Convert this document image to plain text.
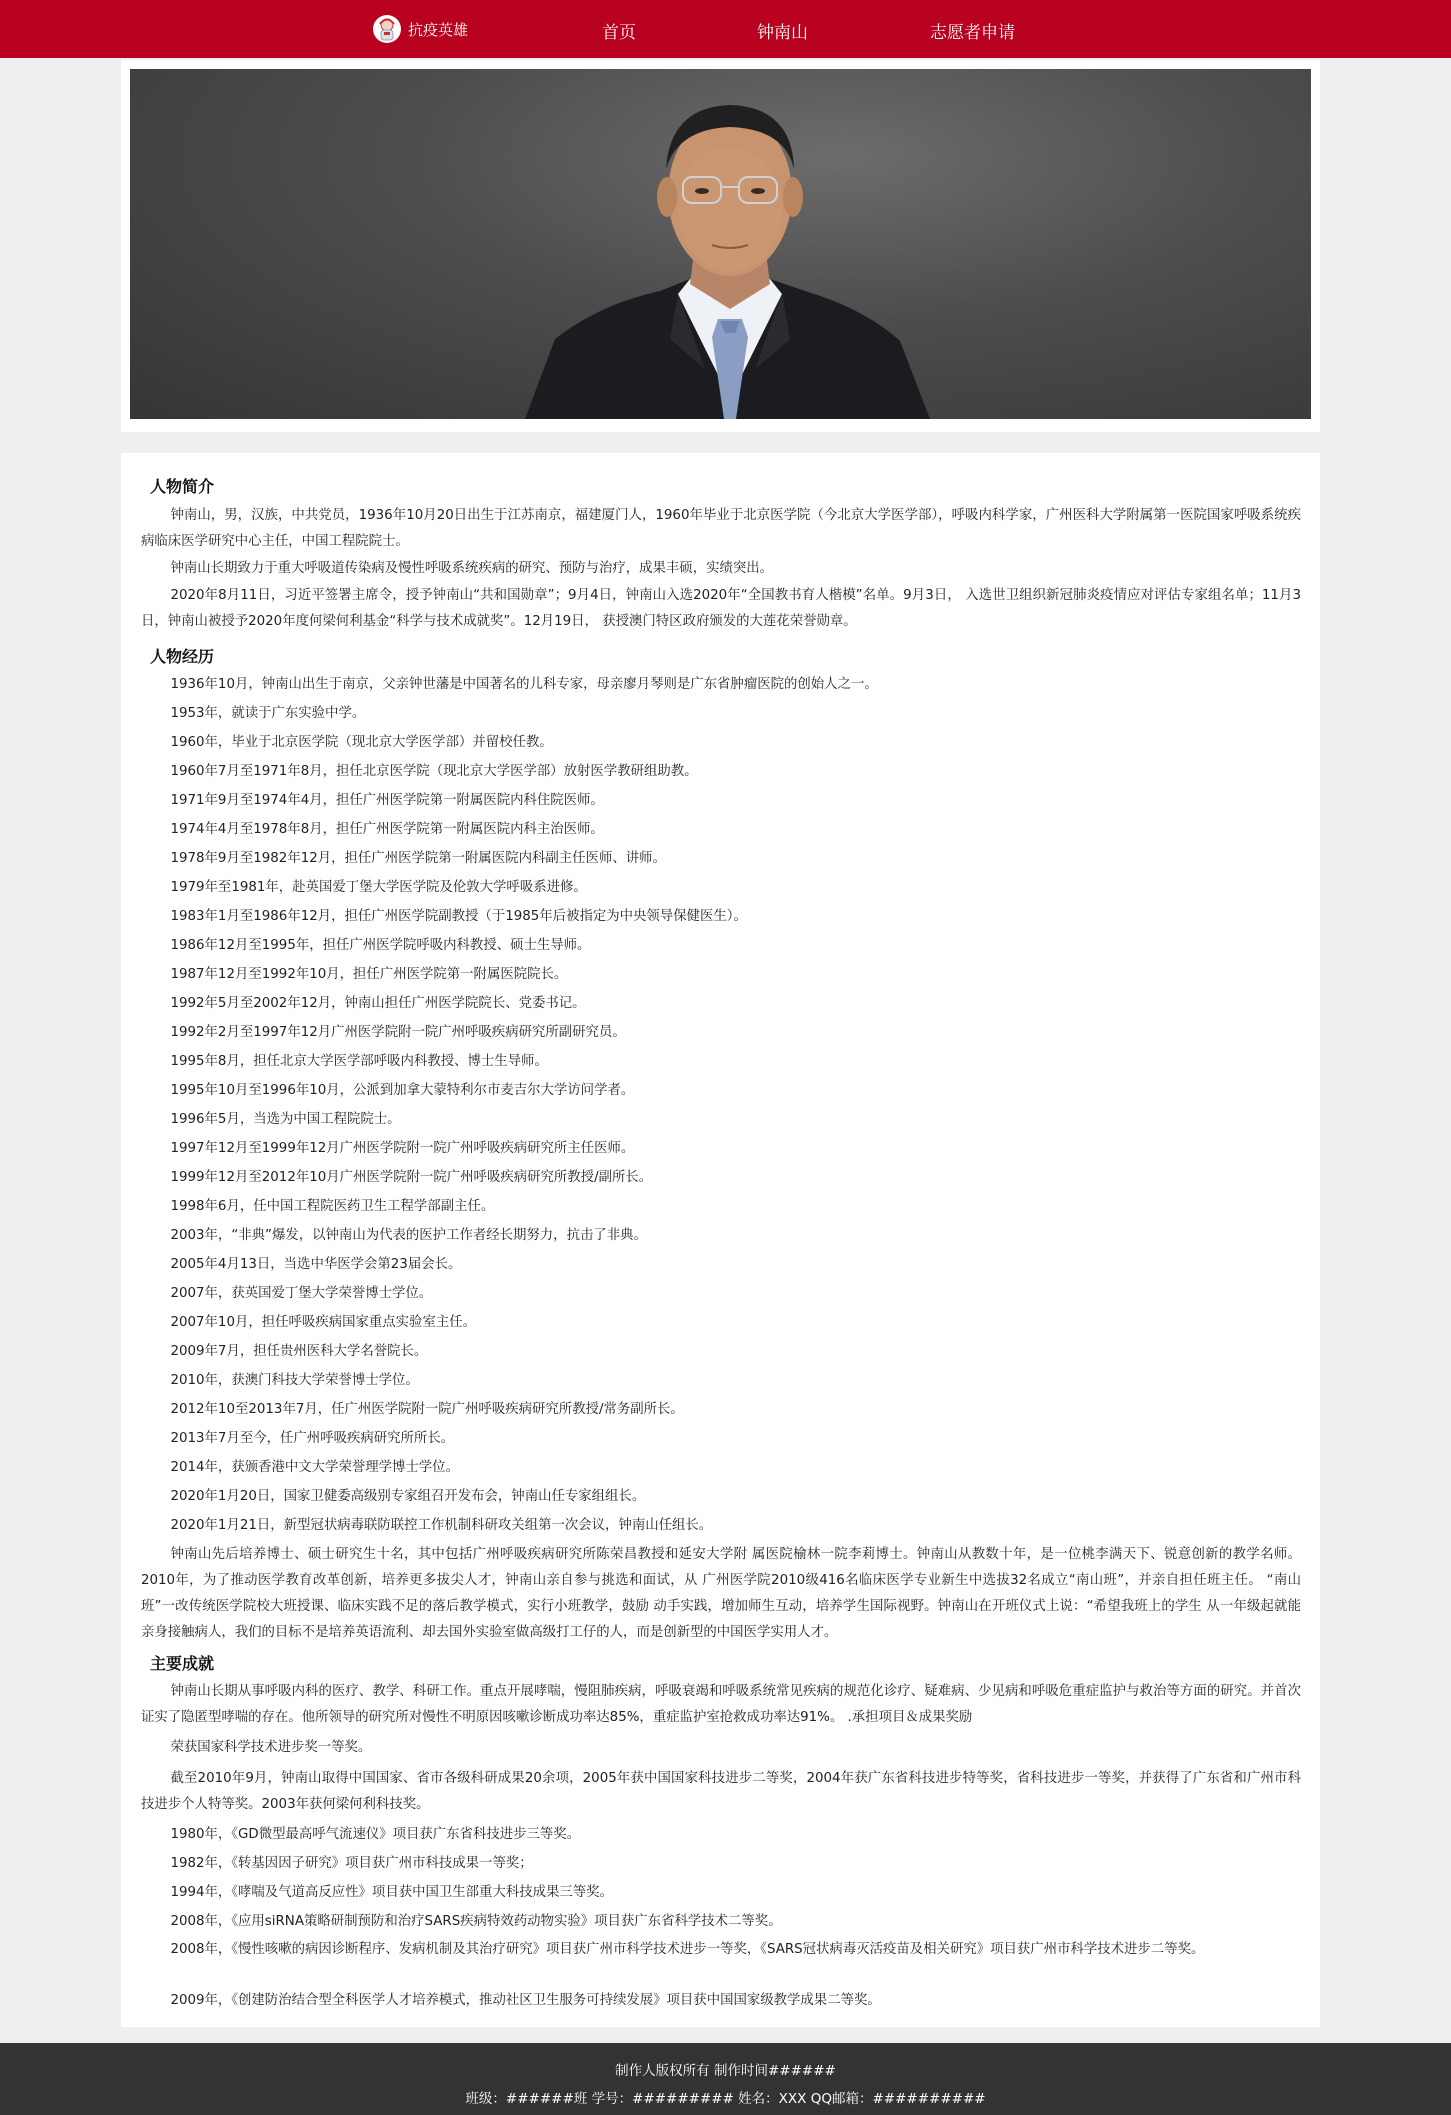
抗疫英雄	首页	钟南山	志愿者申请
人物简介

钟南山，男，汉族，中共党员，1936年10月20日出生于江苏南京，福建厦门人，1960年毕业于北京医学院（今北京大学医学部），呼吸内科学家，广州医科大学附属第一医院国家呼吸系统疾病临床医学研究中心主任，中国工程院院士。

钟南山长期致力于重大呼吸道传染病及慢性呼吸系统疾病的研究、预防与治疗，成果丰硕，实绩突出。

2020年8月11日，习近平签署主席令，授予钟南山“共和国勋章”；9月4日，钟南山入选2020年“全国教书育人楷模”名单。9月3日， 入选世卫组织新冠肺炎疫情应对评估专家组名单；11月3日，钟南山被授予2020年度何梁何利基金“科学与技术成就奖”。12月19日， 获授澳门特区政府颁发的大莲花荣誉勋章。

人物经历

1936年10月，钟南山出生于南京，父亲钟世藩是中国著名的儿科专家，母亲廖月琴则是广东省肿瘤医院的创始人之一。

1953年，就读于广东实验中学。

1960年，毕业于北京医学院（现北京大学医学部）并留校任教。

1960年7月至1971年8月，担任北京医学院（现北京大学医学部）放射医学教研组助教。

1971年9月至1974年4月，担任广州医学院第一附属医院内科住院医师。

1974年4月至1978年8月，担任广州医学院第一附属医院内科主治医师。

1978年9月至1982年12月，担任广州医学院第一附属医院内科副主任医师、讲师。

1979年至1981年，赴英国爱丁堡大学医学院及伦敦大学呼吸系进修。

1983年1月至1986年12月，担任广州医学院副教授（于1985年后被指定为中央领导保健医生）。

1986年12月至1995年，担任广州医学院呼吸内科教授、硕士生导师。

1987年12月至1992年10月，担任广州医学院第一附属医院院长。

1992年5月至2002年12月，钟南山担任广州医学院院长、党委书记。

1992年2月至1997年12月广州医学院附一院广州呼吸疾病研究所副研究员。

1995年8月，担任北京大学医学部呼吸内科教授、博士生导师。

1995年10月至1996年10月，公派到加拿大蒙特利尔市麦吉尔大学访问学者。

1996年5月，当选为中国工程院院士。

1997年12月至1999年12月广州医学院附一院广州呼吸疾病研究所主任医师。

1999年12月至2012年10月广州医学院附一院广州呼吸疾病研究所教授/副所长。

1998年6月，任中国工程院医药卫生工程学部副主任。

2003年，“非典”爆发，以钟南山为代表的医护工作者经长期努力，抗击了非典。

2005年4月13日，当选中华医学会第23届会长。

2007年，获英国爱丁堡大学荣誉博士学位。

2007年10月，担任呼吸疾病国家重点实验室主任。

2009年7月，担任贵州医科大学名誉院长。

2010年，获澳门科技大学荣誉博士学位。

2012年10至2013年7月，任广州医学院附一院广州呼吸疾病研究所教授/常务副所长。

2013年7月至今，任广州呼吸疾病研究所所长。

2014年，获颁香港中文大学荣誉理学博士学位。

2020年1月20日，国家卫健委高级别专家组召开发布会，钟南山任专家组组长。

2020年1月21日，新型冠状病毒联防联控工作机制科研攻关组第一次会议，钟南山任组长。

钟南山先后培养博士、硕士研究生十名，其中包括广州呼吸疾病研究所陈荣昌教授和延安大学附 属医院榆林一院李莉博士。钟南山从教数十年，是一位桃李满天下、锐意创新的教学名师。 2010年，为了推动医学教育改革创新，培养更多拔尖人才，钟南山亲自参与挑选和面试，从 广州医学院2010级416名临床医学专业新生中选拔32名成立“南山班”，并亲自担任班主任。 “南山班”一改传统医学院校大班授课、临床实践不足的落后教学模式，实行小班教学，鼓励 动手实践，增加师生互动，培养学生国际视野。钟南山在开班仪式上说：“希望我班上的学生 从一年级起就能亲身接触病人，我们的目标不是培养英语流利、却去国外实验室做高级打工仔的人，而是创新型的中国医学实用人才。

主要成就

钟南山长期从事呼吸内科的医疗、教学、科研工作。重点开展哮喘，慢阻肺疾病，呼吸衰竭和呼吸系统常见疾病的规范化诊疗、疑难病、少见病和呼吸危重症监护与救治等方面的研究。并首次证实了隐匿型哮喘的存在。他所领导的研究所对慢性不明原因咳嗽诊断成功率达85%，重症监护室抢救成功率达91%。 .承担项目＆成果奖励

荣获国家科学技术进步奖一等奖。

截至2010年9月，钟南山取得中国国家、省市各级科研成果20余项，2005年获中国国家科技进步二等奖，2004年获广东省科技进步特等奖，省科技进步一等奖，并获得了广东省和广州市科技进步个人特等奖。2003年获何梁何利科技奖。

1980年，《GD微型最高呼气流速仪》项目获广东省科技进步三等奖。

1982年，《转基因因子研究》项目获广州市科技成果一等奖；

1994年，《哮喘及气道高反应性》项目获中国卫生部重大科技成果三等奖。

2008年，《应用siRNA策略研制预防和治疗SARS疾病特效药动物实验》项目获广东省科学技术二等奖。

2008年，《慢性咳嗽的病因诊断程序、发病机制及其治疗研究》项目获广州市科学技术进步一等奖，《SARS冠状病毒灭活疫苗及相关研究》项目获广州市科学技术进步二等奖。

2009年，《创建防治结合型全科医学人才培养模式，推动社区卫生服务可持续发展》项目获中国国家级教学成果二等奖。

制作人版权所有 制作时间######
班级：######班 学号：######### 姓名：XXX QQ邮箱：##########
